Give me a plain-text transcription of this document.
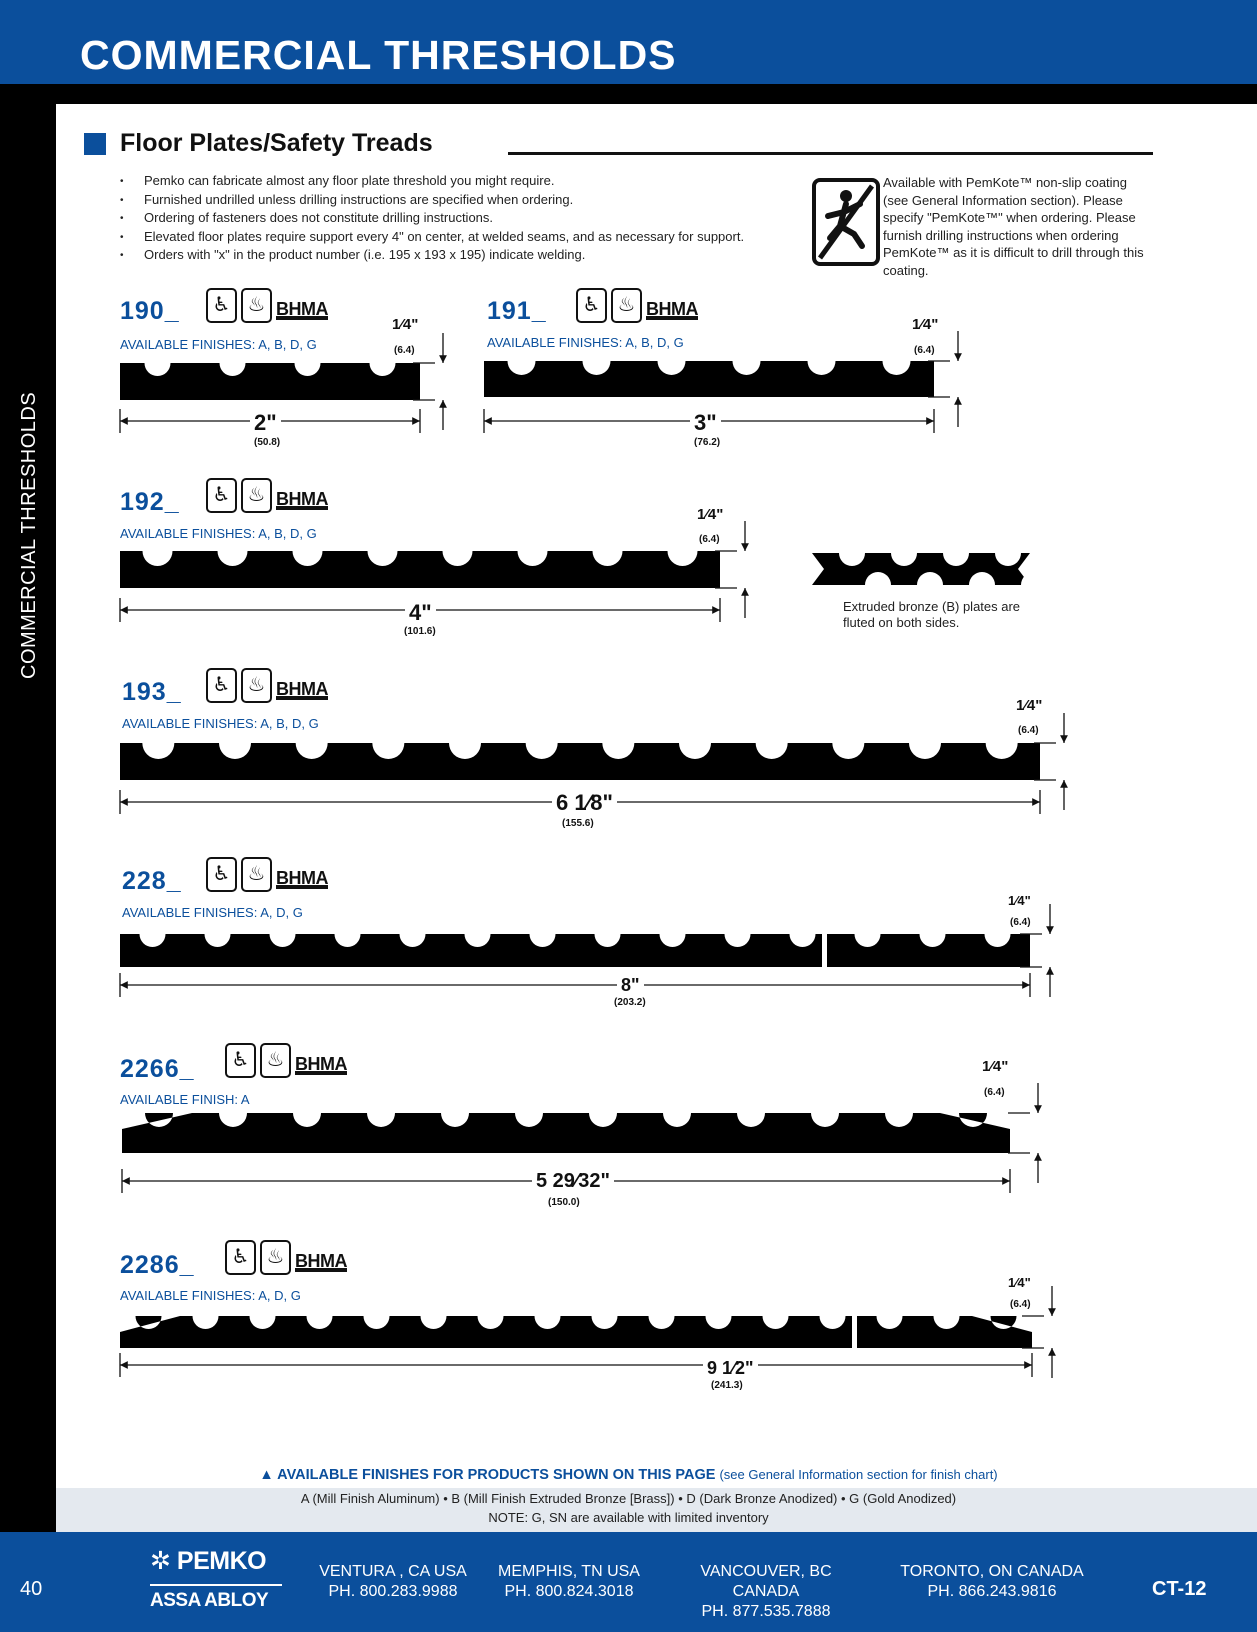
COMMERCIAL THRESHOLDS
COMMERCIAL THRESHOLDS
Floor Plates/Safety Treads
• Pemko can fabricate almost any floor plate threshold you might require.
• Furnished undrilled unless drilling instructions are specified when ordering.
• Ordering of fasteners does not constitute drilling instructions.
• Elevated floor plates require support every 4" on center, at welded seams, and as necessary for support.
• Orders with "x" in the product number (i.e. 195 x 193 x 195) indicate welding.
Available with PemKote™ non-slip coating (see General Information section). Please specify "PemKote™" when ordering. Please furnish drilling instructions when ordering PemKote™ as it is difficult to drill through this coating.
190_
AVAILABLE FINISHES: A, B, D, G
191_
AVAILABLE FINISHES: A, B, D, G
192_
AVAILABLE FINISHES: A, B, D, G
193_
AVAILABLE FINISHES: A, B, D, G
228_
AVAILABLE FINISHES: A, D, G
2266_
AVAILABLE FINISH: A
2286_
AVAILABLE FINISHES: A, D, G
♿ ♨ BHMA	♿ ♨ BHMA
♿ ♨ BHMA
♿ ♨ BHMA
♿ ♨ BHMA
♿ ♨ BHMA
♿ ♨ BHMA
2"
(50.8)
3"
(76.2)
4"
(101.6)
6 1⁄8"
(155.6)
8"
(203.2)
5 29⁄32"
(150.0)
9 1⁄2"
(241.3)
1⁄4"
(6.4)
1⁄4"
(6.4)
1⁄4"
(6.4)
1⁄4"
(6.4)
1⁄4"
(6.4)
1⁄4"
(6.4)
1⁄4"
(6.4)
Extruded bronze (B) plates are fluted on both sides.
▲ AVAILABLE FINISHES FOR PRODUCTS SHOWN ON THIS PAGE (see General Information section for finish chart)
A (Mill Finish Aluminum) • B (Mill Finish Extruded Bronze [Brass]) • D (Dark Bronze Anodized) • G (Gold Anodized)
NOTE: G, SN are available with limited inventory
40
✲ PEMKO
ASSA ABLOY
VENTURA , CA USA
PH. 800.283.9988
MEMPHIS, TN USA
PH. 800.824.3018
VANCOUVER, BC CANADA
PH. 877.535.7888
TORONTO, ON CANADA
PH. 866.243.9816	CT-12
